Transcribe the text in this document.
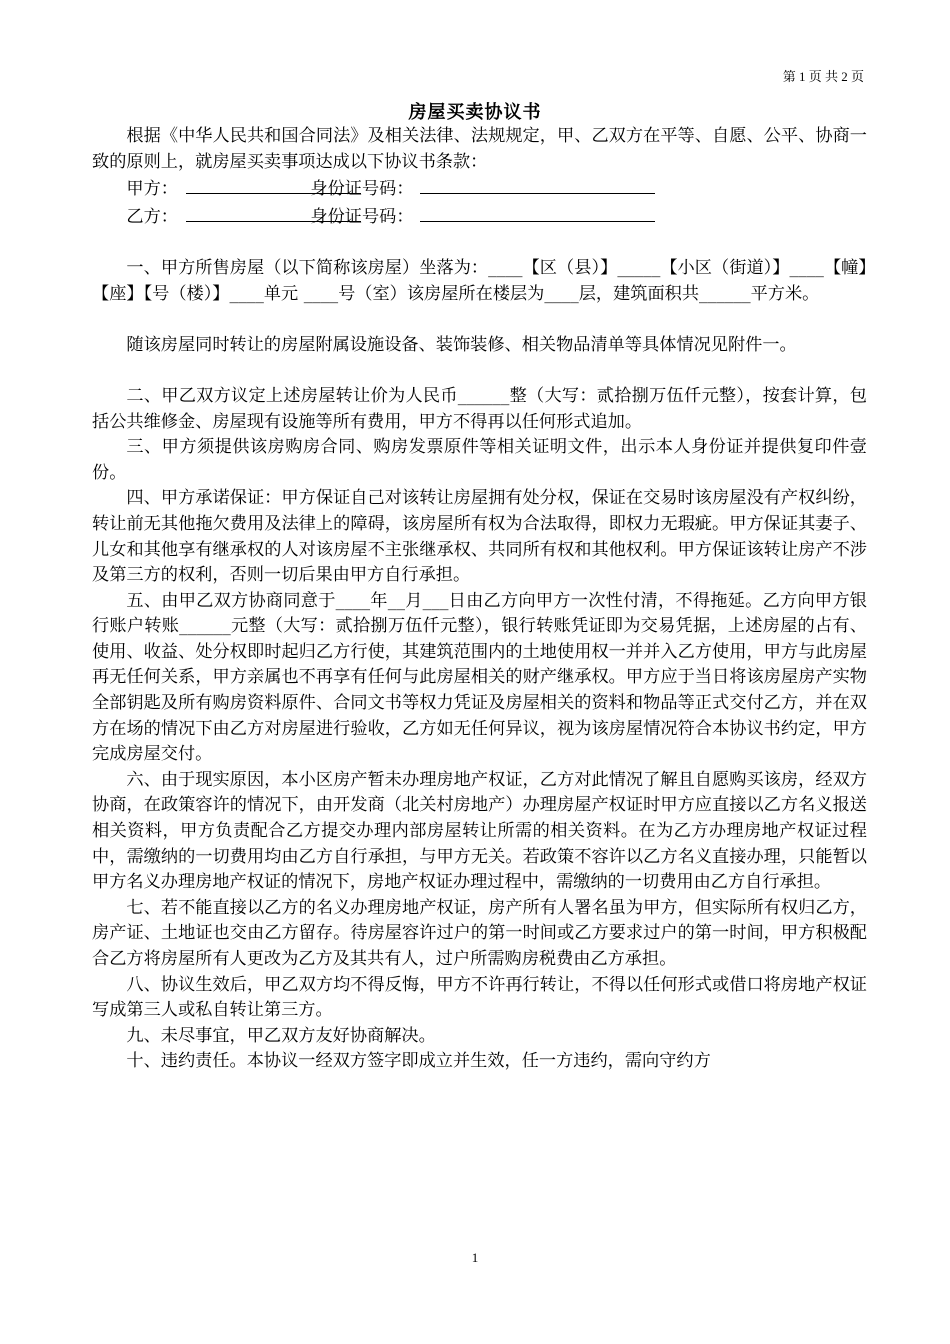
第 1 页 共 2 页
房屋买卖协议书

根据《中华人民共和国合同法》及相关法律、法规规定，甲、乙双方在平等、自愿、公平、协商一致的原则上，就房屋买卖事项达成以下协议书条款：

甲方：	身份证号码：
乙方：	身份证号码：

一、甲方所售房屋（以下简称该房屋）坐落为：____【区（县）】_____【小区（街道）】____【幢】【座】【号（楼）】____单元 ____号（室）该房屋所在楼层为____层，建筑面积共______平方米。

随该房屋同时转让的房屋附属设施设备、装饰装修、相关物品清单等具体情况见附件一。

二、甲乙双方议定上述房屋转让价为人民币______整（大写：贰拾捌万伍仟元整），按套计算，包括公共维修金、房屋现有设施等所有费用，甲方不得再以任何形式追加。

三、甲方须提供该房购房合同、购房发票原件等相关证明文件，出示本人身份证并提供复印件壹份。

四、甲方承诺保证：甲方保证自己对该转让房屋拥有处分权，保证在交易时该房屋没有产权纠纷，转让前无其他拖欠费用及法律上的障碍，该房屋所有权为合法取得，即权力无瑕疵。甲方保证其妻子、儿女和其他享有继承权的人对该房屋不主张继承权、共同所有权和其他权利。甲方保证该转让房产不涉及第三方的权利，否则一切后果由甲方自行承担。

五、由甲乙双方协商同意于____年__月___日由乙方向甲方一次性付清，不得拖延。乙方向甲方银行账户转账______元整（大写：贰拾捌万伍仟元整），银行转账凭证即为交易凭据，上述房屋的占有、使用、收益、处分权即时起归乙方行使，其建筑范围内的土地使用权一并并入乙方使用，甲方与此房屋再无任何关系，甲方亲属也不再享有任何与此房屋相关的财产继承权。甲方应于当日将该房屋房产实物全部钥匙及所有购房资料原件、合同文书等权力凭证及房屋相关的资料和物品等正式交付乙方，并在双方在场的情况下由乙方对房屋进行验收，乙方如无任何异议，视为该房屋情况符合本协议书约定，甲方完成房屋交付。

六、由于现实原因，本小区房产暂未办理房地产权证，乙方对此情况了解且自愿购买该房，经双方协商，在政策容许的情况下，由开发商（北关村房地产）办理房屋产权证时甲方应直接以乙方名义报送相关资料，甲方负责配合乙方提交办理内部房屋转让所需的相关资料。在为乙方办理房地产权证过程中，需缴纳的一切费用均由乙方自行承担，与甲方无关。若政策不容许以乙方名义直接办理，只能暂以甲方名义办理房地产权证的情况下，房地产权证办理过程中，需缴纳的一切费用由乙方自行承担。

七、若不能直接以乙方的名义办理房地产权证，房产所有人署名虽为甲方，但实际所有权归乙方，房产证、土地证也交由乙方留存。待房屋容许过户的第一时间或乙方要求过户的第一时间，甲方积极配合乙方将房屋所有人更改为乙方及其共有人，过户所需购房税费由乙方承担。

八、协议生效后，甲乙双方均不得反悔，甲方不许再行转让，不得以任何形式或借口将房地产权证写成第三人或私自转让第三方。

九、未尽事宜，甲乙双方友好协商解决。

十、违约责任。本协议一经双方签字即成立并生效，任一方违约，需向守约方

1
